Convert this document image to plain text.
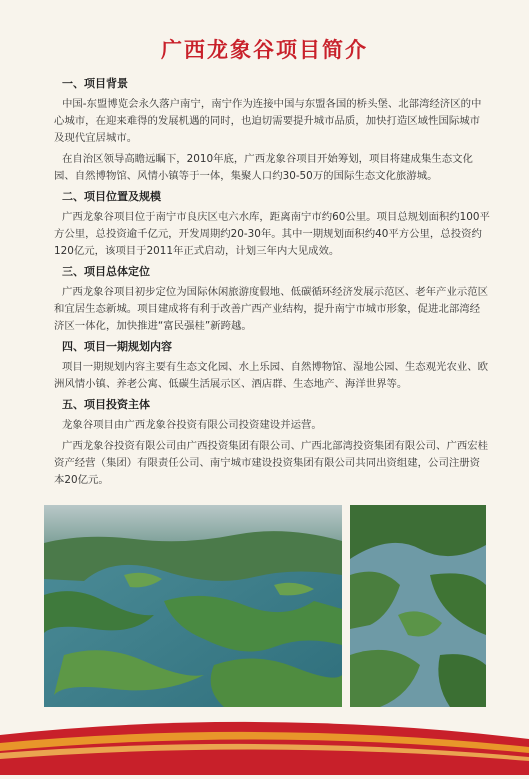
广西龙象谷项目简介
一、项目背景
中国-东盟博览会永久落户南宁，南宁作为连接中国与东盟各国的桥头堡、北部湾经济区的中心城市，在迎来难得的发展机遇的同时，也迫切需要提升城市品质，加快打造区域性国际城市及现代宜居城市。
在自治区领导高瞻远瞩下，2010年底，广西龙象谷项目开始筹划，项目将建成集生态文化园、自然博物馆、风情小镇等于一体，集聚人口约30-50万的国际生态文化旅游城。
二、项目位置及规模
广西龙象谷项目位于南宁市良庆区屯六水库，距离南宁市约60公里。项目总规划面积约100平方公里，总投资逾千亿元，开发周期约20-30年。其中一期规划面积约40平方公里，总投资约120亿元，该项目于2011年正式启动，计划三年内大见成效。
三、项目总体定位
广西龙象谷项目初步定位为国际休闲旅游度假地、低碳循环经济发展示范区、老年产业示范区和宜居生态新城。项目建成将有利于改善广西产业结构，提升南宁市城市形象，促进北部湾经济区一体化，加快推进“富民强桂”新跨越。
四、项目一期规划内容
项目一期规划内容主要有生态文化园、水上乐园、自然博物馆、湿地公园、生态观光农业、欧洲风情小镇、养老公寓、低碳生活展示区、酒店群、生态地产、海洋世界等。
五、项目投资主体
龙象谷项目由广西龙象谷投资有限公司投资建设并运营。
广西龙象谷投资有限公司由广西投资集团有限公司、广西北部湾投资集团有限公司、广西宏桂资产经营（集团）有限责任公司、南宁城市建设投资集团有限公司共同出资组建，公司注册资本20亿元。
